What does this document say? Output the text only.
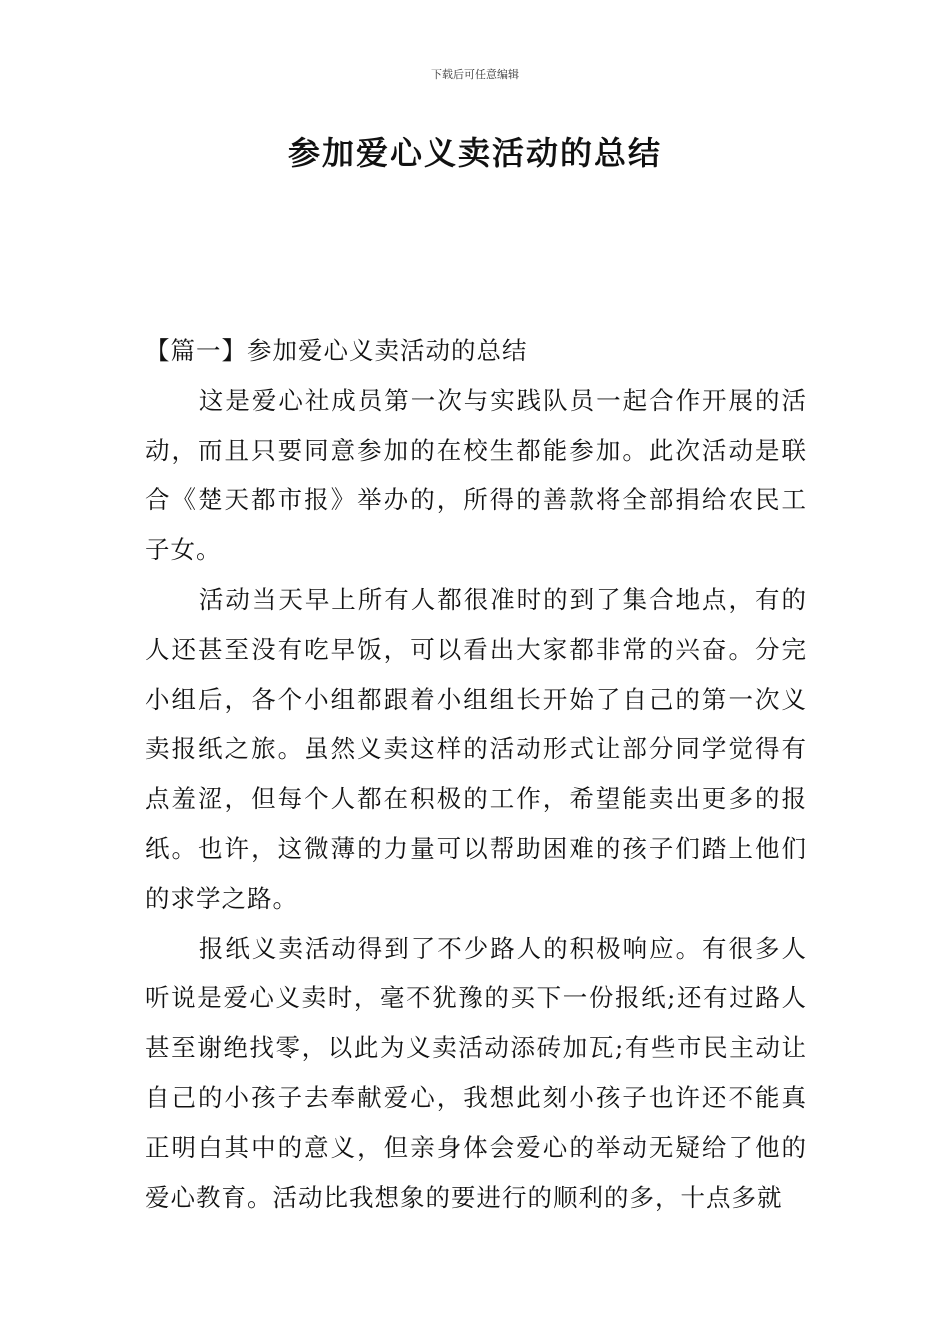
下载后可任意编辑
参加爱心义卖活动的总结

【篇一】参加爱心义卖活动的总结

这是爱心社成员第一次与实践队员一起合作开展的活动，而且只要同意参加的在校生都能参加。此次活动是联合《楚天都市报》举办的，所得的善款将全部捐给农民工子女。

活动当天早上所有人都很准时的到了集合地点，有的人还甚至没有吃早饭，可以看出大家都非常的兴奋。分完小组后，各个小组都跟着小组组长开始了自己的第一次义卖报纸之旅。虽然义卖这样的活动形式让部分同学觉得有点羞涩，但每个人都在积极的工作，希望能卖出更多的报纸。也许，这微薄的力量可以帮助困难的孩子们踏上他们的求学之路。

报纸义卖活动得到了不少路人的积极响应。有很多人听说是爱心义卖时，毫不犹豫的买下一份报纸;还有过路人甚至谢绝找零，以此为义卖活动添砖加瓦;有些市民主动让自己的小孩子去奉献爱心，我想此刻小孩子也许还不能真正明白其中的意义，但亲身体会爱心的举动无疑给了他的爱心教育。活动比我想象的要进行的顺利的多，十点多就
